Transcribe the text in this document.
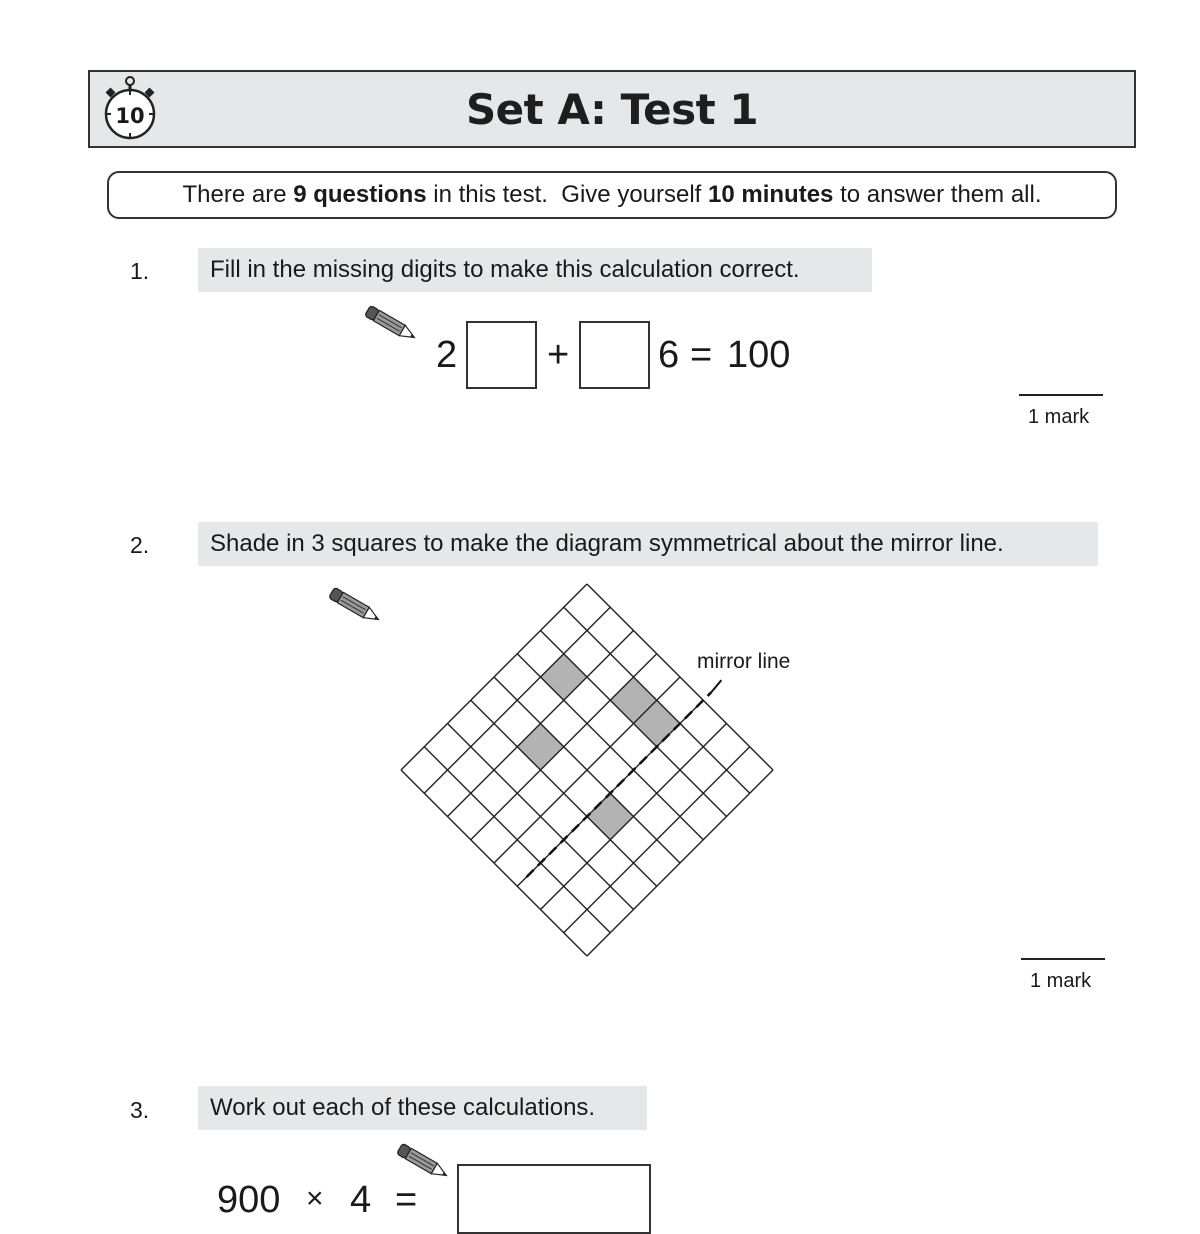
10	Set A: Test 1
There are 9 questions in this test.  Give yourself 10 minutes to answer them all.
1.	Fill in the missing digits to make this calculation correct.
2 + 6 = 100
1 mark
2.	Shade in 3 squares to make the diagram symmetrical about the mirror line.
mirror line
1 mark
3.	Work out each of these calculations.
900 × 4 =
